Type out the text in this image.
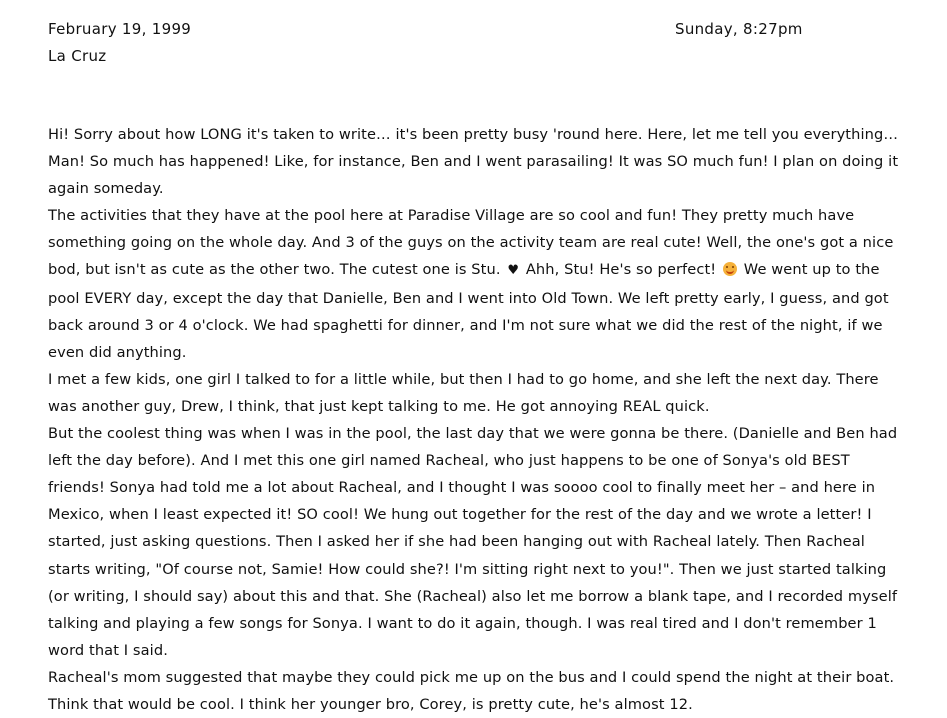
February 19, 1999
La Cruz
Sunday, 8:27pm

Hi! Sorry about how LONG it's taken to write… it's been pretty busy 'round here. Here, let me tell you everything… Man! So much has happened! Like, for instance, Ben and I went parasailing! It was SO much fun! I plan on doing it again someday.

The activities that they have at the pool here at Paradise Village are so cool and fun! They pretty much have something going on the whole day. And 3 of the guys on the activity team are real cute! Well, the one's got a nice bod, but isn't as cute as the other two. The cutest one is Stu. ♥ Ahh, Stu! He's so perfect! We went up to the pool EVERY day, except the day that Danielle, Ben and I went into Old Town. We left pretty early, I guess, and got back around 3 or 4 o'clock. We had spaghetti for dinner, and I'm not sure what we did the rest of the night, if we even did anything.

I met a few kids, one girl I talked to for a little while, but then I had to go home, and she left the next day. There was another guy, Drew, I think, that just kept talking to me. He got annoying REAL quick.

But the coolest thing was when I was in the pool, the last day that we were gonna be there. (Danielle and Ben had left the day before). And I met this one girl named Racheal, who just happens to be one of Sonya's old BEST friends! Sonya had told me a lot about Racheal, and I thought I was soooo cool to finally meet her – and here in Mexico, when I least expected it! SO cool! We hung out together for the rest of the day and we wrote a letter! I started, just asking questions. Then I asked her if she had been hanging out with Racheal lately. Then Racheal starts writing, "Of course not, Samie! How could she?! I'm sitting right next to you!". Then we just started talking (or writing, I should say) about this and that. She (Racheal) also let me borrow a blank tape, and I recorded myself talking and playing a few songs for Sonya. I want to do it again, though. I was real tired and I don't remember 1 word that I said.

Racheal's mom suggested that maybe they could pick me up on the bus and I could spend the night at their boat. Think that would be cool. I think her younger bro, Corey, is pretty cute, he's almost 12.
